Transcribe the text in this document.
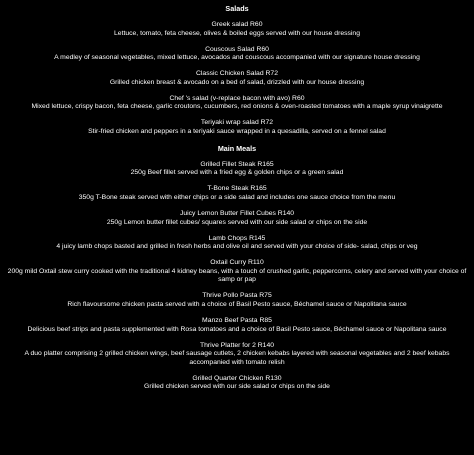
Salads

Greek salad R60

Lettuce, tomato, feta cheese, olives & boiled eggs served with our house dressing

Couscous Salad R60

A medley of seasonal vegetables, mixed lettuce, avocados and couscous accompanied with our signature house dressing

Classic Chicken Salad R72

Grilled chicken breast & avocado on a bed of salad, drizzled with our house dressing

Chef 's salad (v-replace bacon with avo) R60

Mixed lettuce, crispy bacon, feta cheese, garlic croutons, cucumbers, red onions & oven-roasted tomatoes with a maple syrup vinaigrette

Teriyaki wrap salad R72

Stir-fried chicken and peppers in a teriyaki sauce wrapped in a quesadilla, served on a fennel salad

Main Meals

Grilled Fillet Steak R165

250g Beef fillet served with a fried egg & golden chips or a green salad

T-Bone Steak R165

350g T-Bone steak served with either chips or a side salad and includes one sauce choice from the menu

Juicy Lemon Butter Fillet Cubes R140

250g Lemon butter fillet cubes/ squares served with our side salad or chips on the side

Lamb Chops R145

4 juicy lamb chops basted and grilled in fresh herbs and olive oil and served with your choice of side- salad, chips or veg

Oxtail Curry R110

200g mild Oxtail stew curry cooked with the traditional 4 kidney beans, with a touch of crushed garlic, peppercorns, celery and served with your choice of samp or pap

Thrive Pollo Pasta R75

Rich flavoursome chicken pasta served with a choice of Basil Pesto sauce, Béchamel sauce or Napolitana sauce

Manzo Beef Pasta R85

Delicious beef strips and pasta supplemented with Rosa tomatoes and a choice of Basil Pesto sauce, Béchamel sauce or Napolitana sauce

Thrive Platter for 2 R140

A duo platter comprising 2 grilled chicken wings, beef sausage cutlets, 2 chicken kebabs layered with seasonal vegetables and 2 beef kebabs accompanied with tomato relish

Grilled Quarter Chicken R130

Grilled chicken served with our side salad or chips on the side
